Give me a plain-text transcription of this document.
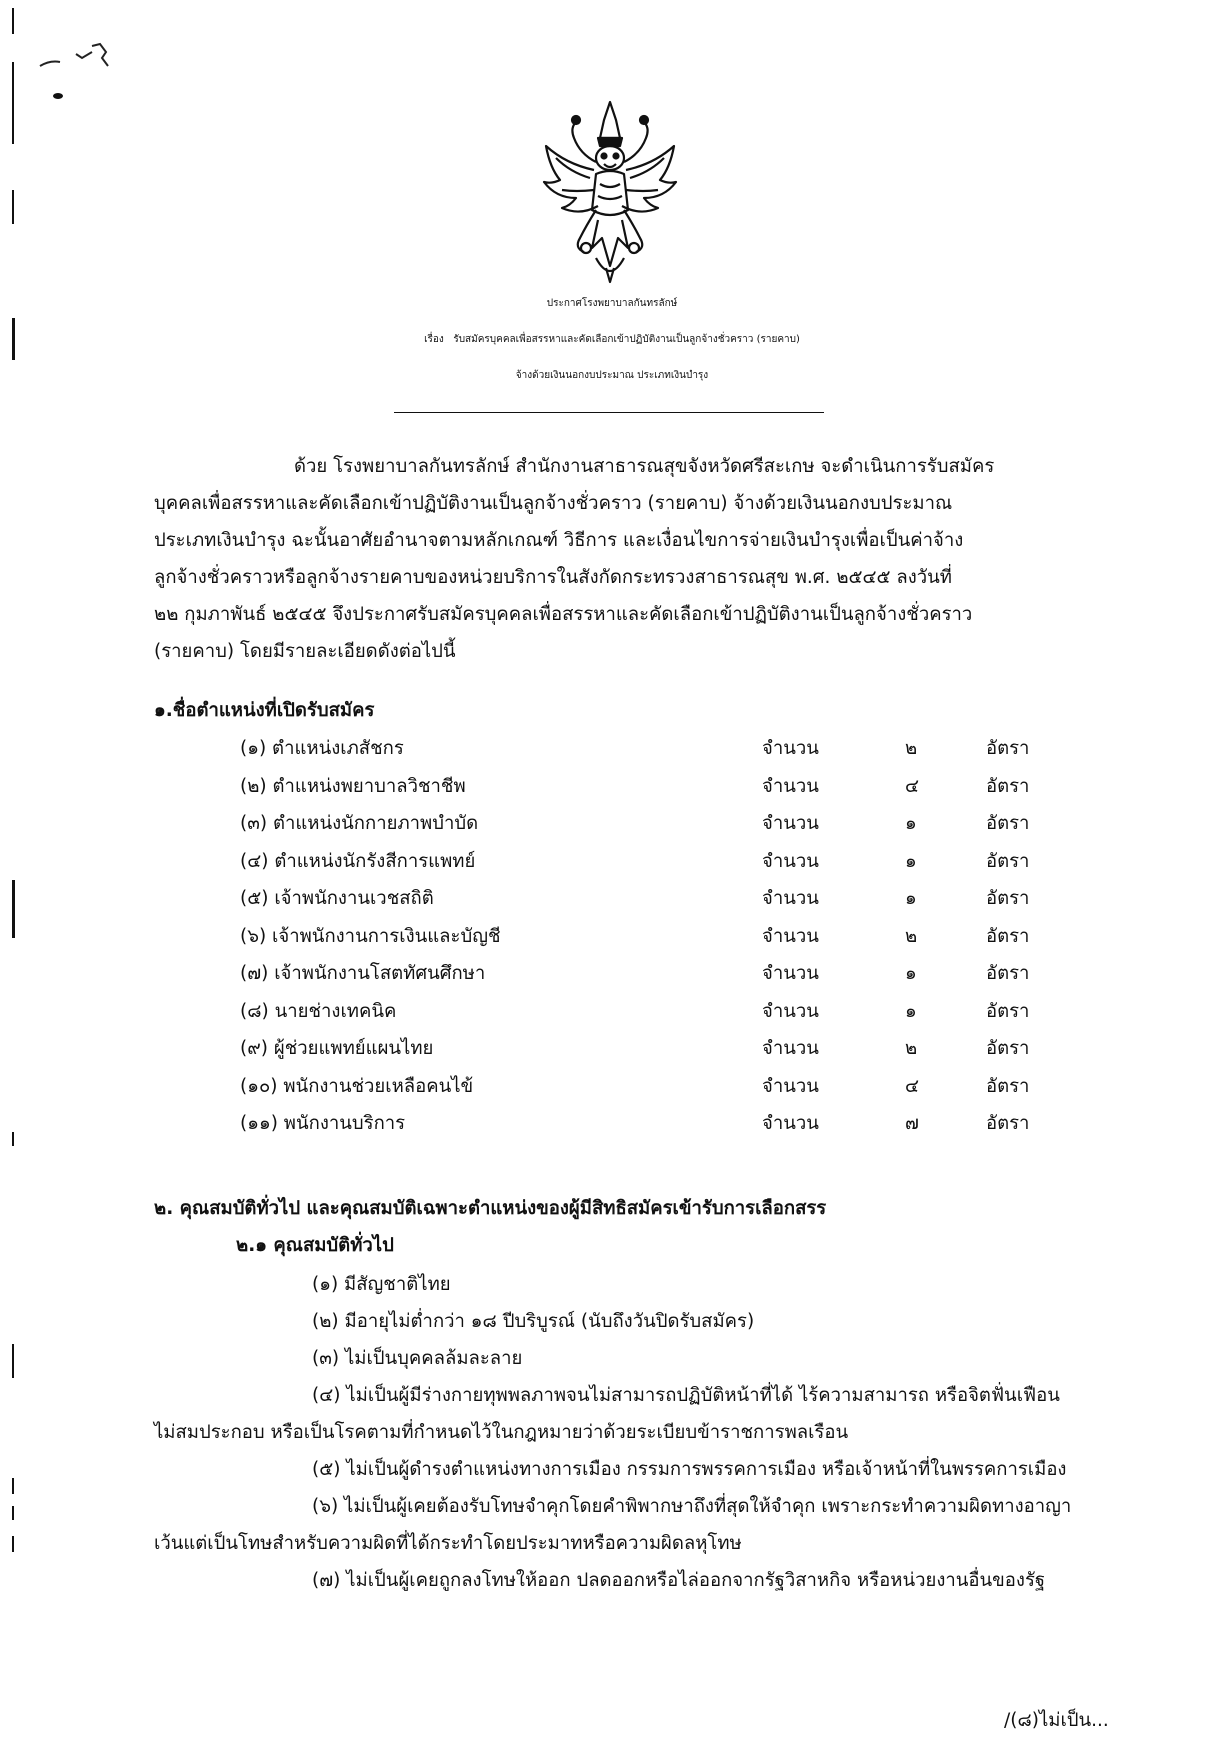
ประกาศโรงพยาบาลกันทรลักษ์
เรื่อง รับสมัครบุคคลเพื่อสรรหาและคัดเลือกเข้าปฏิบัติงานเป็นลูกจ้างชั่วคราว (รายคาบ)
จ้างด้วยเงินนอกงบประมาณ ประเภทเงินบำรุง
ด้วย โรงพยาบาลกันทรลักษ์ สำนักงานสาธารณสุขจังหวัดศรีสะเกษ จะดำเนินการรับสมัคร
บุคคลเพื่อสรรหาและคัดเลือกเข้าปฏิบัติงานเป็นลูกจ้างชั่วคราว (รายคาบ) จ้างด้วยเงินนอกงบประมาณ
ประเภทเงินบำรุง ฉะนั้นอาศัยอำนาจตามหลักเกณฑ์ วิธีการ และเงื่อนไขการจ่ายเงินบำรุงเพื่อเป็นค่าจ้าง
ลูกจ้างชั่วคราวหรือลูกจ้างรายคาบของหน่วยบริการในสังกัดกระทรวงสาธารณสุข พ.ศ. ๒๕๔๕ ลงวันที่
๒๒ กุมภาพันธ์ ๒๕๔๕ จึงประกาศรับสมัครบุคคลเพื่อสรรหาและคัดเลือกเข้าปฏิบัติงานเป็นลูกจ้างชั่วคราว
(รายคาบ) โดยมีรายละเอียดดังต่อไปนี้
๑.ชื่อตำแหน่งที่เปิดรับสมัคร
(๑) ตำแหน่งเภสัชกร	จำนวน	๒	อัตรา
(๒) ตำแหน่งพยาบาลวิชาชีพ	จำนวน	๔	อัตรา
(๓) ตำแหน่งนักกายภาพบำบัด	จำนวน	๑	อัตรา
(๔) ตำแหน่งนักรังสีการแพทย์	จำนวน	๑	อัตรา
(๕) เจ้าพนักงานเวชสถิติ	จำนวน	๑	อัตรา
(๖) เจ้าพนักงานการเงินและบัญชี	จำนวน	๒	อัตรา
(๗) เจ้าพนักงานโสตทัศนศึกษา	จำนวน	๑	อัตรา
(๘) นายช่างเทคนิค	จำนวน	๑	อัตรา
(๙) ผู้ช่วยแพทย์แผนไทย	จำนวน	๒	อัตรา
(๑๐) พนักงานช่วยเหลือคนไข้	จำนวน	๔	อัตรา
(๑๑) พนักงานบริการ	จำนวน	๗	อัตรา
๒. คุณสมบัติทั่วไป และคุณสมบัติเฉพาะตำแหน่งของผู้มีสิทธิสมัครเข้ารับการเลือกสรร
๒.๑ คุณสมบัติทั่วไป
(๑) มีสัญชาติไทย
(๒) มีอายุไม่ต่ำกว่า ๑๘ ปีบริบูรณ์ (นับถึงวันปิดรับสมัคร)
(๓) ไม่เป็นบุคคลล้มละลาย
(๔) ไม่เป็นผู้มีร่างกายทุพพลภาพจนไม่สามารถปฏิบัติหน้าที่ได้ ไร้ความสามารถ หรือจิตฟั่นเฟือน
ไม่สมประกอบ หรือเป็นโรคตามที่กำหนดไว้ในกฎหมายว่าด้วยระเบียบข้าราชการพลเรือน
(๕) ไม่เป็นผู้ดำรงตำแหน่งทางการเมือง กรรมการพรรคการเมือง หรือเจ้าหน้าที่ในพรรคการเมือง
(๖) ไม่เป็นผู้เคยต้องรับโทษจำคุกโดยคำพิพากษาถึงที่สุดให้จำคุก เพราะกระทำความผิดทางอาญา
เว้นแต่เป็นโทษสำหรับความผิดที่ได้กระทำโดยประมาทหรือความผิดลหุโทษ
(๗) ไม่เป็นผู้เคยถูกลงโทษให้ออก ปลดออกหรือไล่ออกจากรัฐวิสาหกิจ หรือหน่วยงานอื่นของรัฐ
/(๘)ไม่เป็น...
